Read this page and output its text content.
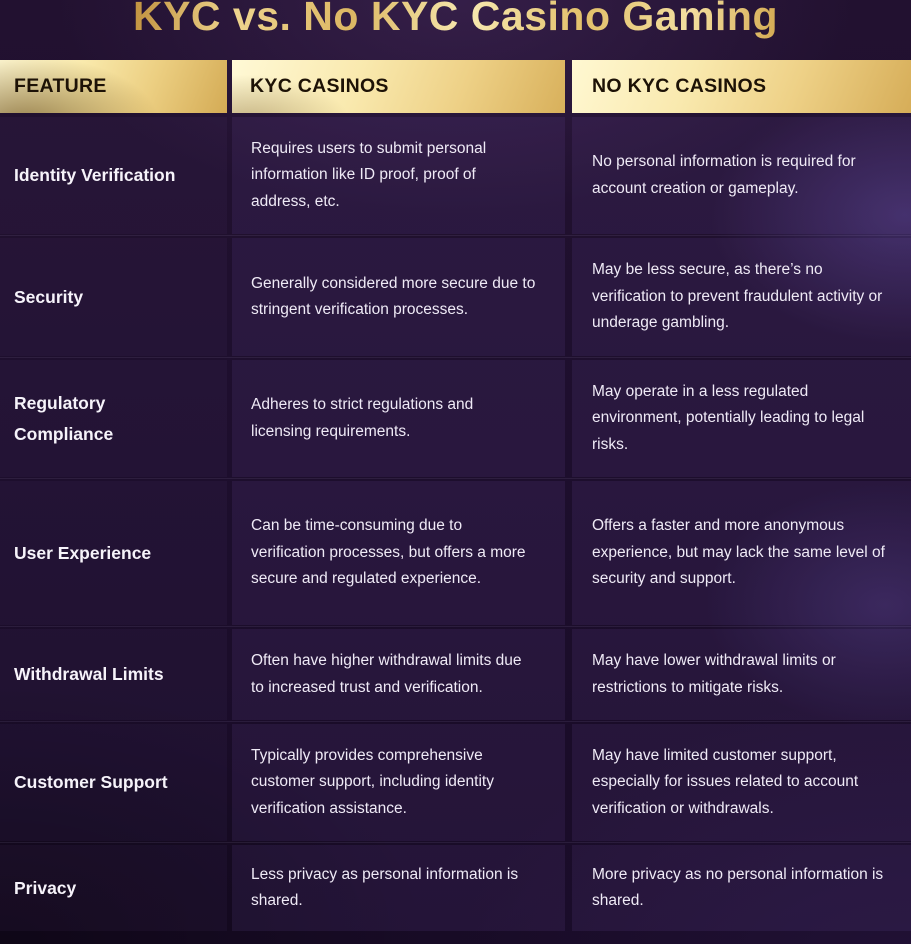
KYC vs. No KYC Casino Gaming
FEATURE	KYC CASINOS	NO KYC CASINOS
Identity Verification
Requires users to submit personal information like ID proof, proof of address, etc.
No personal information is required for account creation or gameplay.
Security
Generally considered more secure due to stringent verification processes.
May be less secure, as there’s no verification to prevent fraudulent activity or underage gambling.
Regulatory Compliance
Adheres to strict regulations and licensing requirements.
May operate in a less regulated environment, potentially leading to legal risks.
User Experience
Can be time-consuming due to verification processes, but offers a more secure and regulated experience.
Offers a faster and more anonymous experience, but may lack the same level of security and support.
Withdrawal Limits
Often have higher withdrawal limits due to increased trust and verification.
May have lower withdrawal limits or restrictions to mitigate risks.
Customer Support
Typically provides comprehensive customer support, including identity verification assistance.
May have limited customer support, especially for issues related to account verification or withdrawals.
Privacy
Less privacy as personal information is shared.
More privacy as no personal information is shared.
